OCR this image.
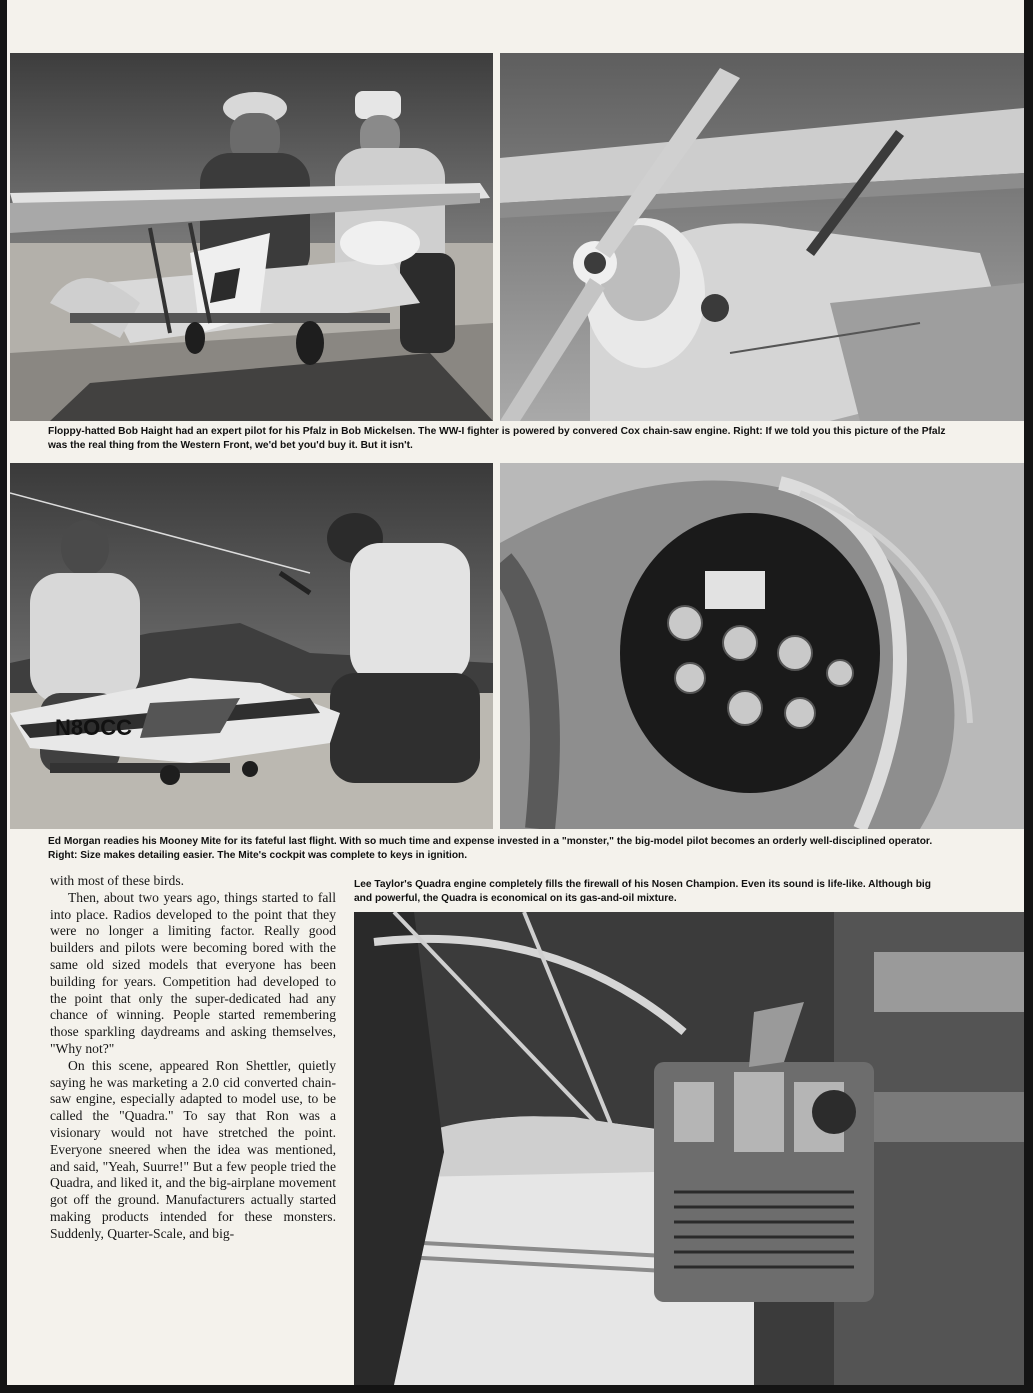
Floppy-hatted Bob Haight had an expert pilot for his Pfalz in Bob Mickelsen. The WW-I fighter is powered by convered Cox chain-saw engine. Right: If we told you this picture of the Pfalz was the real thing from the Western Front, we'd bet you'd buy it. But it isn't.
N8OCC
Ed Morgan readies his Mooney Mite for its fateful last flight. With so much time and expense invested in a "monster," the big-model pilot becomes an orderly well-disciplined operator. Right: Size makes detailing easier. The Mite's cockpit was complete to keys in ignition.

with most of these birds.

Then, about two years ago, things started to fall into place. Radios developed to the point that they were no longer a limiting factor. Really good builders and pilots were becoming bored with the same old sized models that everyone has been building for years. Competition had developed to the point that only the super-dedicated had any chance of winning. People started remembering those sparkling daydreams and asking themselves, "Why not?"

On this scene, appeared Ron Shettler, quietly saying he was marketing a 2.0 cid converted chain-saw engine, especially adapted to model use, to be called the "Quadra." To say that Ron was a visionary would not have stretched the point. Everyone sneered when the idea was mentioned, and said, "Yeah, Suurre!" But a few people tried the Quadra, and liked it, and the big-airplane movement got off the ground. Manufacturers actually started making products intended for these monsters. Suddenly, Quarter-Scale, and big-

Lee Taylor's Quadra engine completely fills the firewall of his Nosen Champion. Even its sound is life-like. Although big and powerful, the Quadra is economical on its gas-and-oil mixture.
